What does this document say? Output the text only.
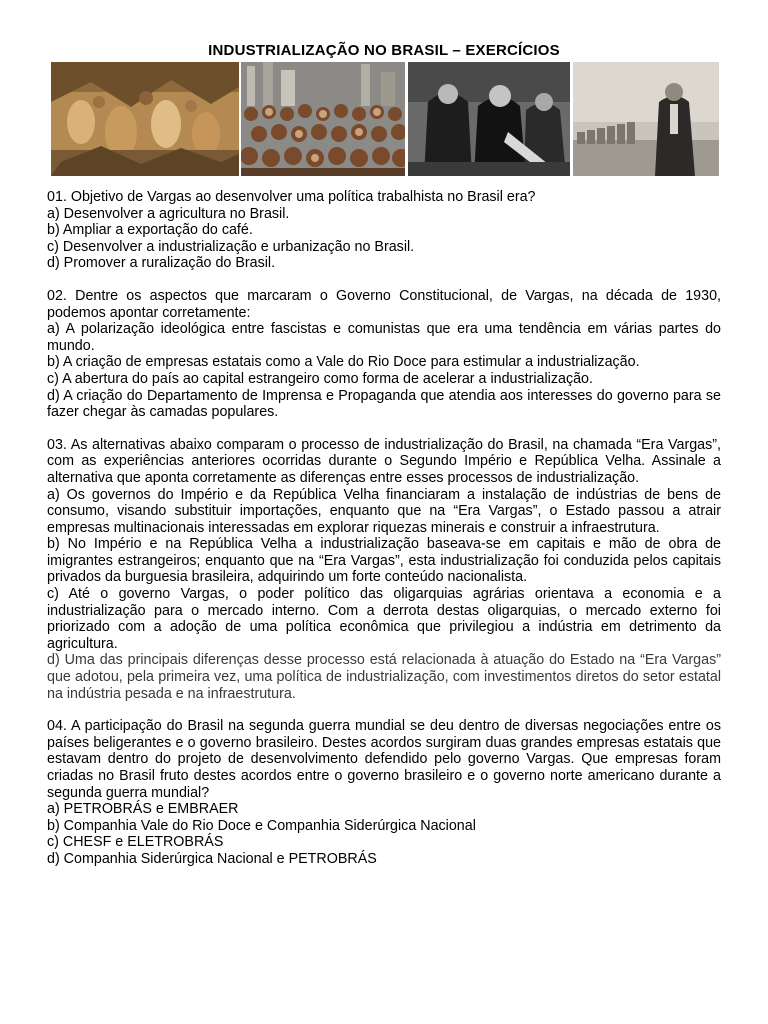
INDUSTRIALIZAÇÃO NO BRASIL – EXERCÍCIOS
01. Objetivo de Vargas ao desenvolver uma política trabalhista no Brasil era?
a) Desenvolver a agricultura no Brasil.
b) Ampliar a exportação do café.
c) Desenvolver a industrialização e urbanização no Brasil.
d) Promover a ruralização do Brasil.
02. Dentre os aspectos que marcaram o Governo Constitucional, de Vargas, na década de 1930, podemos apontar corretamente:
a) A polarização ideológica entre fascistas e comunistas que era uma tendência em várias partes do mundo.
b) A criação de empresas estatais como a Vale do Rio Doce para estimular a industrialização.
c) A abertura do país ao capital estrangeiro como forma de acelerar a industrialização.
d) A criação do Departamento de Imprensa e Propaganda que atendia aos interesses do governo para se fazer chegar às camadas populares.
03. As alternativas abaixo comparam o processo de industrialização do Brasil, na chamada “Era Vargas”, com as experiências anteriores ocorridas durante o Segundo Império e República Velha. Assinale a alternativa que aponta corretamente as diferenças entre esses processos de industrialização.
a) Os governos do Império e da República Velha financiaram a instalação de indústrias de bens de consumo, visando substituir importações, enquanto que na “Era Vargas”, o Estado passou a atrair empresas multinacionais interessadas em explorar riquezas minerais e construir a infraestrutura.
b) No Império e na República Velha a industrialização baseava-se em capitais e mão de obra de imigrantes estrangeiros; enquanto que na “Era Vargas”, esta industrialização foi conduzida pelos capitais privados da burguesia brasileira, adquirindo um forte conteúdo nacionalista.
c) Até o governo Vargas, o poder político das oligarquias agrárias orientava a economia e a industrialização para o mercado interno. Com a derrota destas oligarquias, o mercado externo foi priorizado com a adoção de uma política econômica que privilegiou a indústria em detrimento da agricultura.
d) Uma das principais diferenças desse processo está relacionada à atuação do Estado na “Era Vargas” que adotou, pela primeira vez, uma política de industrialização, com investimentos diretos do setor estatal na indústria pesada e na infraestrutura.
04. A participação do Brasil na segunda guerra mundial se deu dentro de diversas negociações entre os países beligerantes e o governo brasileiro. Destes acordos surgiram duas grandes empresas estatais que estavam dentro do projeto de desenvolvimento defendido pelo governo Vargas. Que empresas foram criadas no Brasil fruto destes acordos entre o governo brasileiro e o governo norte americano durante a segunda guerra mundial?
a) PETROBRÁS e EMBRAER
b) Companhia Vale do Rio Doce e Companhia Siderúrgica Nacional
c) CHESF e ELETROBRÁS
d) Companhia Siderúrgica Nacional e PETROBRÁS
